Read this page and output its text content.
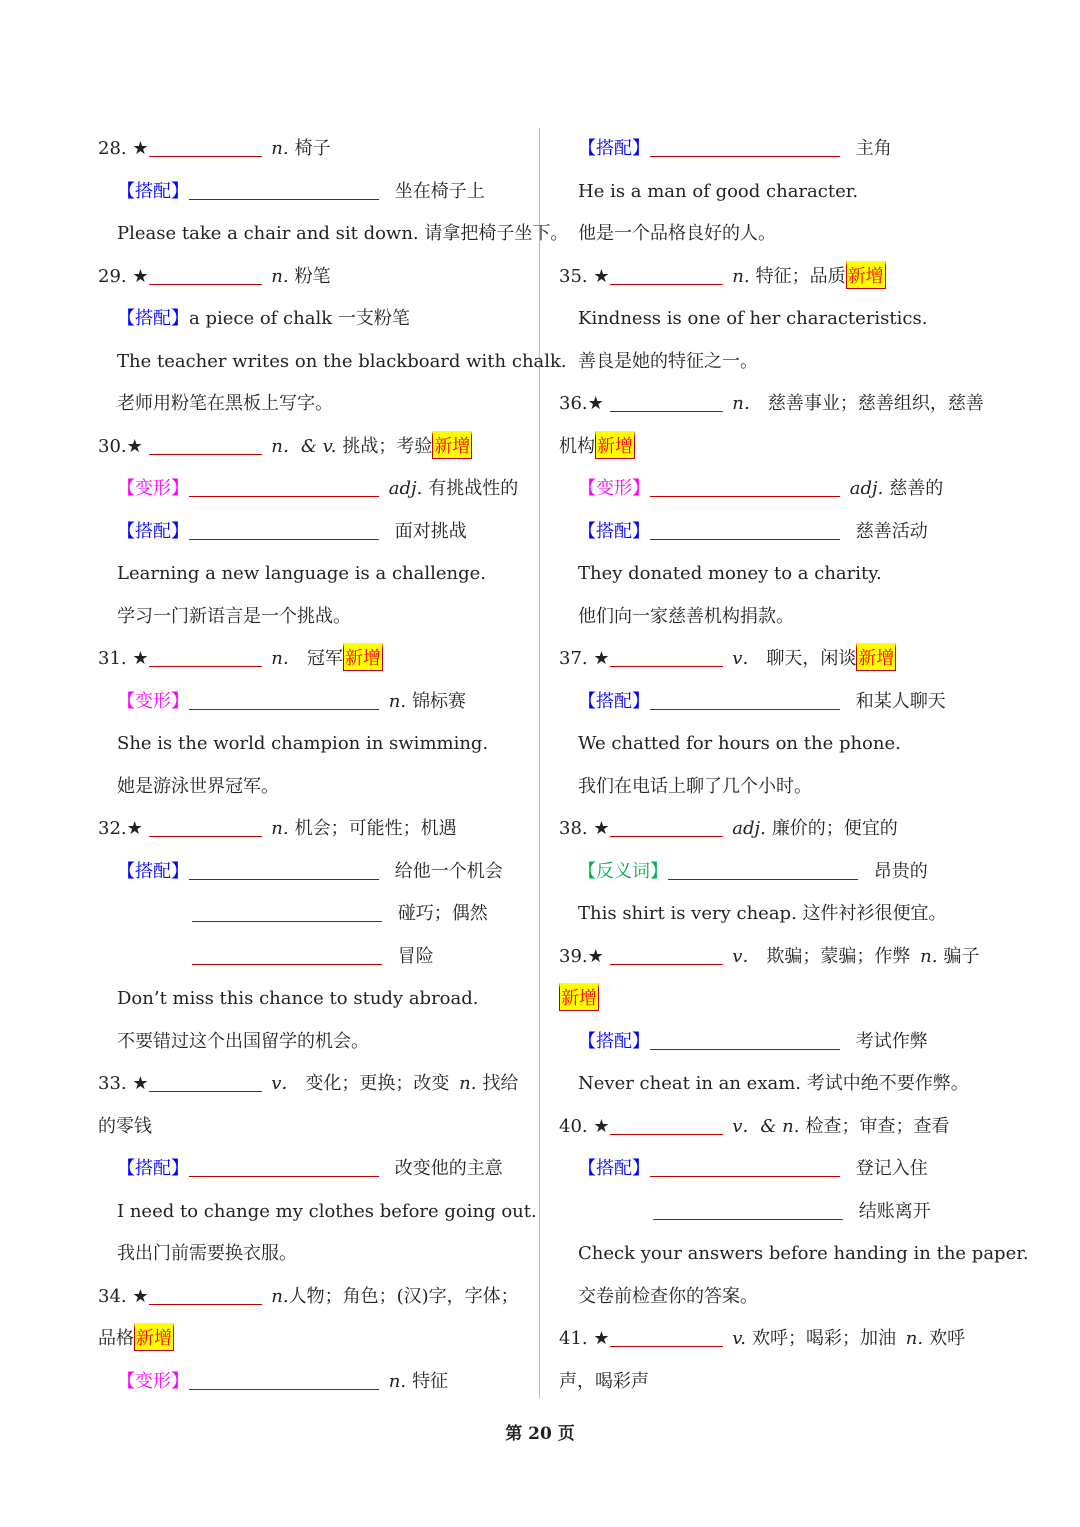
28. ★	n. 椅子
【搭配】	坐在椅子上
Please take a chair and sit down. 请拿把椅子坐下。
29. ★	n. 粉笔
【搭配】a piece of chalk 一支粉笔
The teacher writes on the blackboard with chalk.
老师用粉笔在黑板上写字。
30.★	n．& v. 挑战；考验 新增
【变形】	adj. 有挑战性的
【搭配】	面对挑战
Learning a new language is a challenge.
学习一门新语言是一个挑战。
31. ★	n． 冠军 新增
【变形】	n. 锦标赛
She is the world champion in swimming.
她是游泳世界冠军。
32.★	n. 机会；可能性；机遇
【搭配】	给他一个机会
碰巧；偶然
冒险
Don’t miss this chance to study abroad.
不要错过这个出国留学的机会。
33. ★	v． 变化；更换；改变 n. 找给
的零钱
【搭配】	改变他的主意
I need to change my clothes before going out.
我出门前需要换衣服。
34. ★	n.人物；角色；(汉)字，字体；
品格 新增
【变形】	n. 特征
【搭配】	主角
He is a man of good character.
他是一个品格良好的人。
35. ★	n. 特征；品质 新增
Kindness is one of her characteristics.
善良是她的特征之一。
36.★	n． 慈善事业；慈善组织，慈善
机构 新增
【变形】	adj. 慈善的
【搭配】	慈善活动
They donated money to a charity.
他们向一家慈善机构捐款。
37. ★	v． 聊天，闲谈 新增
【搭配】	和某人聊天
We chatted for hours on the phone.
我们在电话上聊了几个小时。
38. ★	adj. 廉价的；便宜的
【反义词】	昂贵的
This shirt is very cheap. 这件衬衫很便宜。
39.★	v． 欺骗；蒙骗；作弊 n. 骗子
新增
【搭配】	考试作弊
Never cheat in an exam. 考试中绝不要作弊。
40. ★	v．& n. 检查；审查；查看
【搭配】	登记入住
结账离开
Check your answers before handing in the paper.
交卷前检查你的答案。
41. ★	v. 欢呼；喝彩；加油 n. 欢呼
声，喝彩声
第 20 页
